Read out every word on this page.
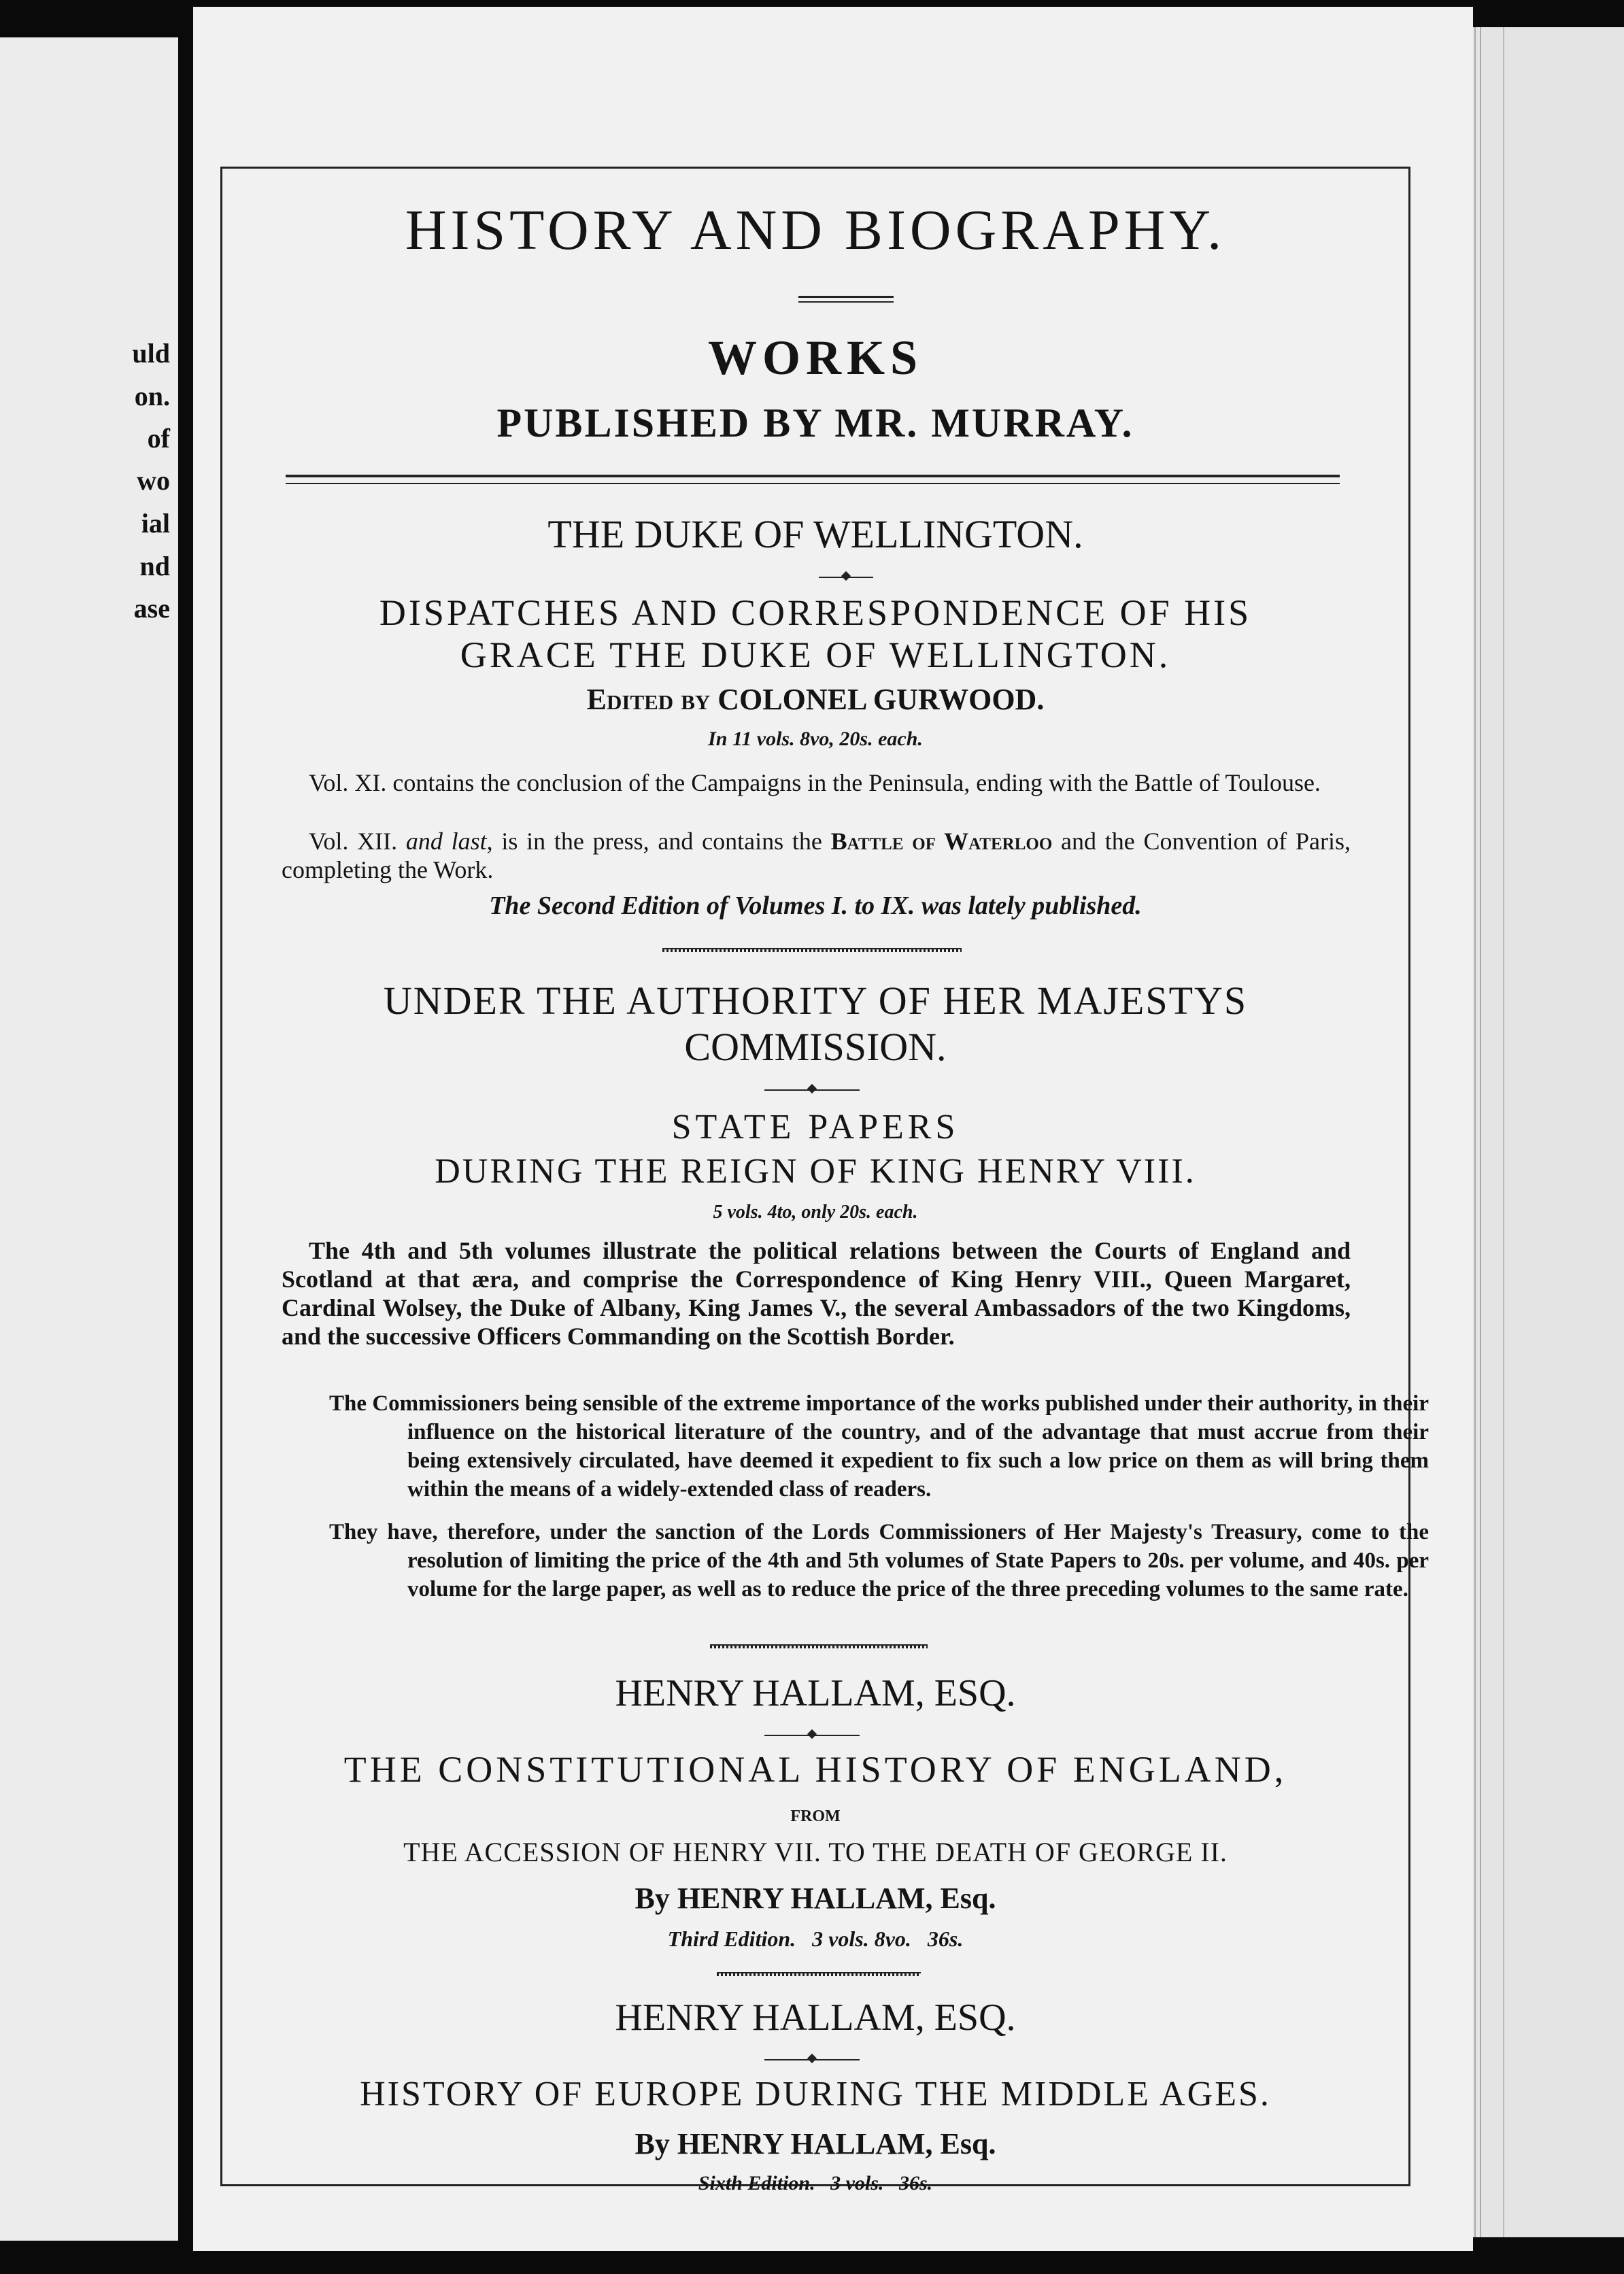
uld
on.
of
wo
ial
nd
ase
HISTORY AND BIOGRAPHY.
WORKS
PUBLISHED BY MR. MURRAY.
THE DUKE OF WELLINGTON.
DISPATCHES AND CORRESPONDENCE OF HIS
GRACE THE DUKE OF WELLINGTON.
Edited by COLONEL GURWOOD.
In 11 vols. 8vo, 20s. each.
Vol. XI. contains the conclusion of the Campaigns in the Peninsula, ending with the Battle of Toulouse.
Vol. XII. and last, is in the press, and contains the Battle of Waterloo and the Convention of Paris, completing the Work.
The Second Edition of Volumes I. to IX. was lately published.
UNDER THE AUTHORITY OF HER MAJESTYS
COMMISSION.
STATE PAPERS
DURING THE REIGN OF KING HENRY VIII.
5 vols. 4to, only 20s. each.
The 4th and 5th volumes illustrate the political relations between the Courts of England and Scotland at that æra, and comprise the Correspondence of King Henry VIII., Queen Margaret, Cardinal Wolsey, the Duke of Albany, King James V., the several Ambassadors of the two Kingdoms, and the successive Officers Commanding on the Scottish Border.
The Commissioners being sensible of the extreme importance of the works published under their authority, in their influence on the historical literature of the country, and of the advantage that must accrue from their being extensively circulated, have deemed it expedient to fix such a low price on them as will bring them within the means of a widely-extended class of readers.
They have, therefore, under the sanction of the Lords Commissioners of Her Majesty's Treasury, come to the resolution of limiting the price of the 4th and 5th volumes of State Papers to 20s. per volume, and 40s. per volume for the large paper, as well as to reduce the price of the three preceding volumes to the same rate.
HENRY HALLAM, ESQ.
THE CONSTITUTIONAL HISTORY OF ENGLAND,
FROM
THE ACCESSION OF HENRY VII. TO THE DEATH OF GEORGE II.
By HENRY HALLAM, Esq.
Third Edition.   3 vols. 8vo.   36s.
HENRY HALLAM, ESQ.
HISTORY OF EUROPE DURING THE MIDDLE AGES.
By HENRY HALLAM, Esq.
Sixth Edition.   3 vols.   36s.
